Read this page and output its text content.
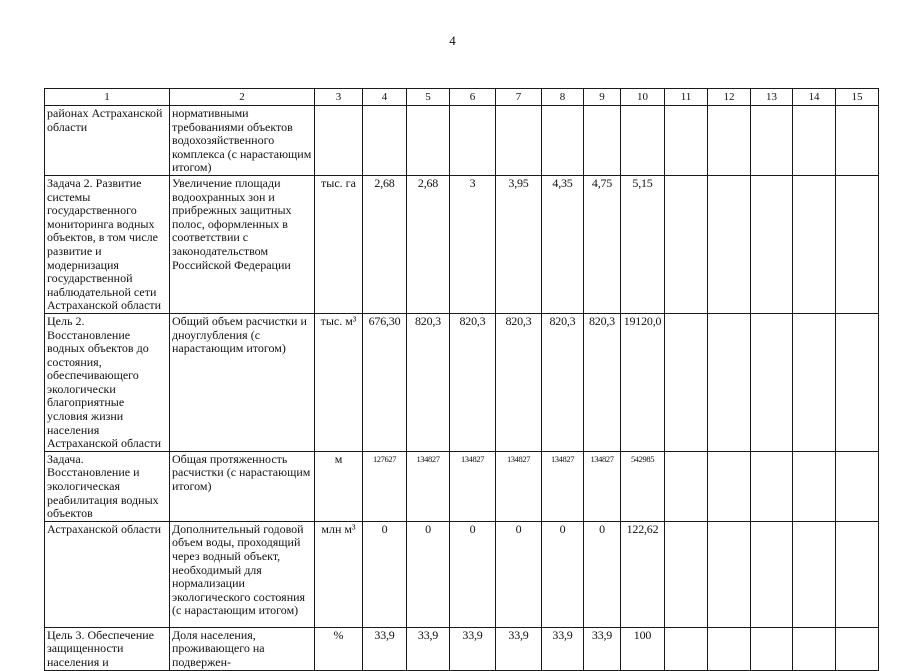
4
1	2	3	4	5	6	7	8	9	10	11	12	13	14	15
районах Астраханской области	нормативными требованиями объектов водохозяйственного комплекса (с нарастающим итогом)													
Задача 2. Развитие системы государственного мониторинга водных объектов, в том числе развитие и модернизация государственной наблюдательной сети Астраханской области	Увеличение площади водоохранных зон и прибрежных защитных полос, оформленных в соответствии с законодательством Российской Федерации	тыс. га	2,68	2,68	3	3,95	4,35	4,75	5,15					
Цель 2. Восстановление водных объектов до состояния, обеспечивающего экологически благоприятные условия жизни населения Астраханской области	Общий объем расчистки и дноуглубления (с нарастающим итогом)	тыс. м³	676,30	820,3	820,3	820,3	820,3	820,3	19120,0					
Задача. Восстановление и экологическая реабилитация водных объектов	Общая протяженность расчистки (с нарастающим итогом)	м	127627	134827	134827	134827	134827	134827	542985					
Астраханской области	Дополнительный годовой объем воды, проходящий через водный объект, необходимый для нормализации экологического состояния (с нарастающим итогом)	млн м³	0	0	0	0	0	0	122,62					
Цель 3. Обеспечение защищенности населения и	Доля населения, проживающего на подвержен-	%	33,9	33,9	33,9	33,9	33,9	33,9	100					
